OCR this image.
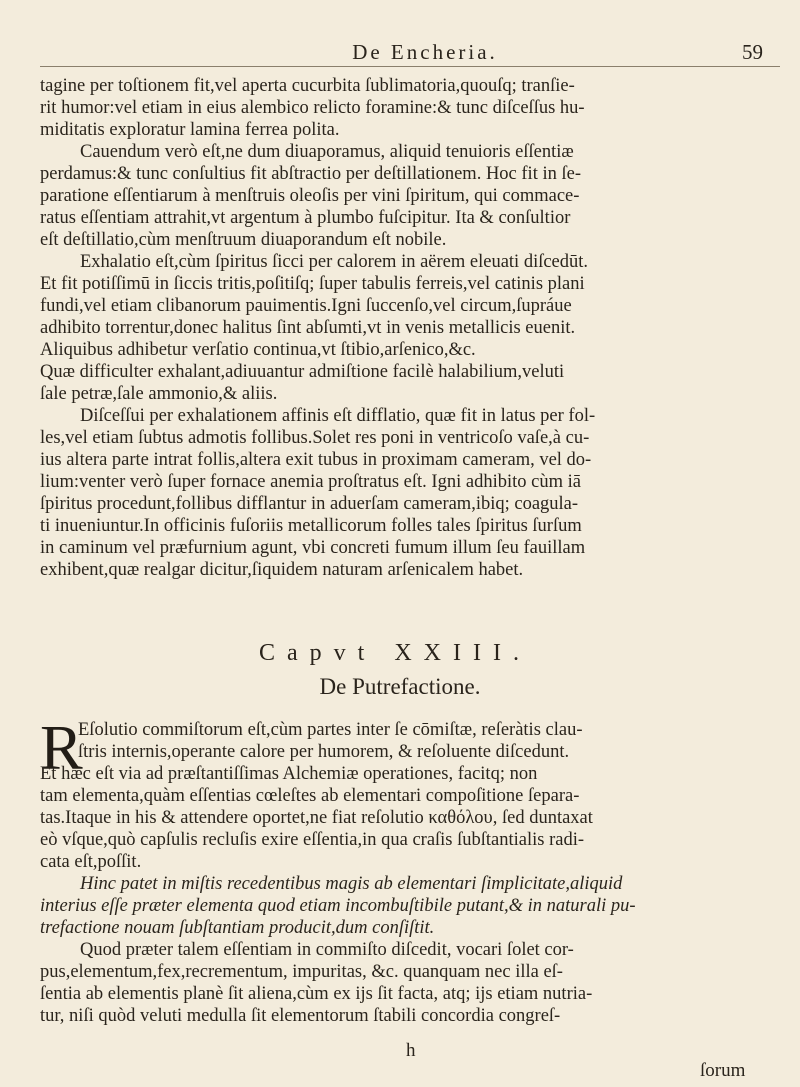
De Encheria.	59
tagine per toſtionem fit,vel aperta cucurbita ſublimatoria,quouſq; tranſie-
rit humor:vel etiam in eius alembico relicto foramine:& tunc diſceſſus hu-
miditatis exploratur lamina ferrea polita.
Cauendum verò eſt,ne dum diuaporamus, aliquid tenuioris eſſentiæ
perdamus:& tunc conſultius fit abſtractio per deſtillationem. Hoc fit in ſe-
paratione eſſentiarum à menſtruis oleoſis per vini ſpiritum, qui commace-
ratus eſſentiam attrahit,vt argentum à plumbo fuſcipitur. Ita & conſultior
eſt deſtillatio,cùm menſtruum diuaporandum eſt nobile.
Exhalatio eſt,cùm ſpiritus ſicci per calorem in aërem eleuati diſcedūt.
Et fit potiſſimū in ſiccis tritis,poſitiſq; ſuper tabulis ferreis,vel catinis plani
fundi,vel etiam clibanorum pauimentis.Igni ſuccenſo,vel circum,ſupráue
adhibito torrentur,donec halitus ſint abſumti,vt in venis metallicis euenit.
Aliquibus adhibetur verſatio continua,vt ſtibio,arſenico,&c.
Quæ difficulter exhalant,adiuuantur admiſtione facilè halabilium,veluti
ſale petræ,ſale ammonio,& aliis.
Diſceſſui per exhalationem affinis eſt difflatio, quæ fit in latus per fol-
les,vel etiam ſubtus admotis follibus.Solet res poni in ventricoſo vaſe,à cu-
ius altera parte intrat follis,altera exit tubus in proximam cameram, vel do-
lium:venter verò ſuper fornace anemia proſtratus eſt. Igni adhibito cùm iā
ſpiritus procedunt,follibus difflantur in aduerſam cameram,ibiq; coagula-
ti inueniuntur.In officinis fuſoriis metallicorum folles tales ſpiritus ſurſum
in caminum vel præfurnium agunt, vbi concreti fumum illum ſeu fauillam
exhibent,quæ realgar dicitur,ſiquidem naturam arſenicalem habet.
Capvt XXIII.
De Putrefactione.
R
Eſolutio commiſtorum eſt,cùm partes inter ſe cōmiſtæ, reſeràtis clau-
ſtris internis,operante calore per humorem, & reſoluente diſcedunt.
Et hæc eſt via ad præſtantiſſimas Alchemiæ operationes, facitq; non
tam elementa,quàm eſſentias cœleſtes ab elementari compoſitione ſepara-
tas.Itaque in his & attendere oportet,ne fiat reſolutio καθόλου, ſed duntaxat
eò vſque,quò capſulis recluſis exire eſſentia,in qua craſis ſubſtantialis radi-
cata eſt,poſſit.
Hinc patet in miſtis recedentibus magis ab elementari ſimplicitate,aliquid
interius eſſe præter elementa quod etiam incombuſtibile putant,& in naturali pu-
trefactione nouam ſubſtantiam producit,dum conſiſtit.
Quod præter talem eſſentiam in commiſto diſcedit, vocari ſolet cor-
pus,elementum,fex,recrementum, impuritas, &c. quanquam nec illa eſ-
ſentia ab elementis planè ſit aliena,cùm ex ijs ſit facta, atq; ijs etiam nutria-
tur, niſi quòd veluti medulla ſit elementorum ſtabili concordia congreſ-
h
ſorum
